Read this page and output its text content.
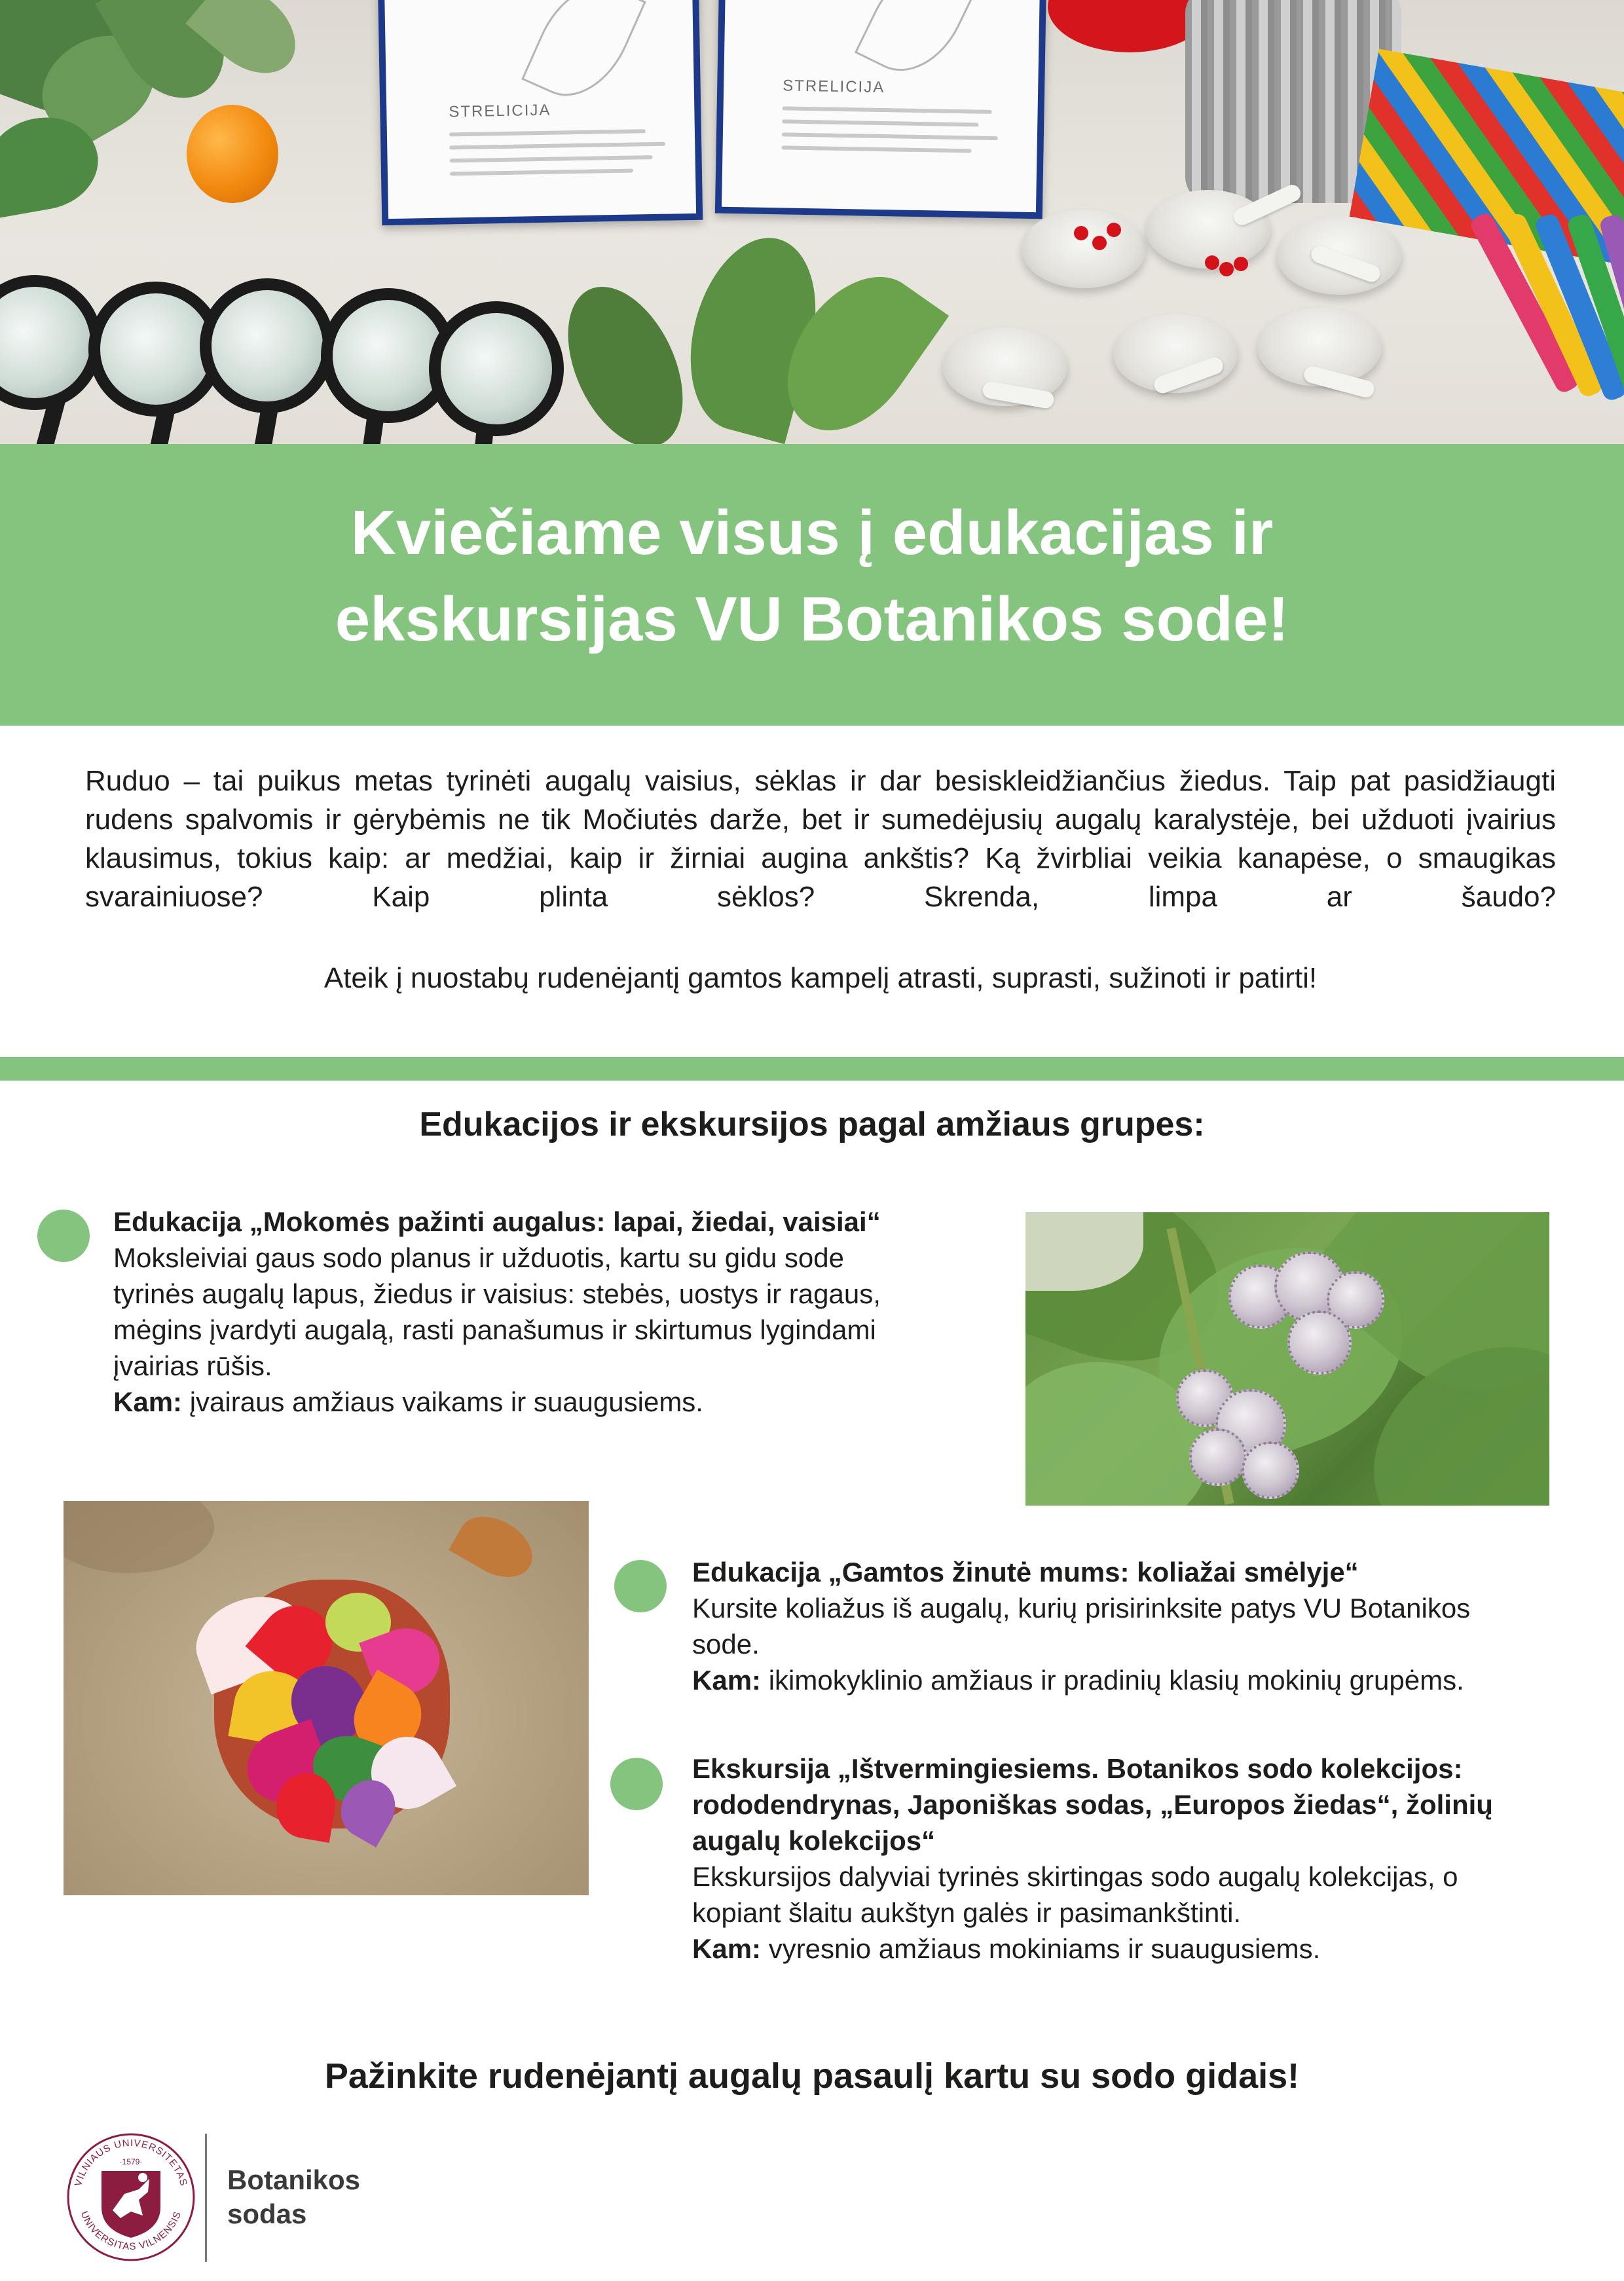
STRELICIJA
STRELICIJA
Kviečiame visus į edukacijas ir
ekskursijas VU Botanikos sode!
Ruduo – tai puikus metas tyrinėti augalų vaisius, sėklas ir dar besiskleidžiančius žiedus. Taip pat pasidžiaugti rudens spalvomis ir gėrybėmis ne tik Močiutės darže, bet ir sumedėjusių augalų karalystėje, bei užduoti įvairius klausimus, tokius kaip: ar medžiai, kaip ir žirniai augina ankštis? Ką žvirbliai veikia kanapėse, o smaugikas svarainiuose? Kaip plinta sėklos? Skrenda, limpa ar šaudo?
Ateik į nuostabų rudenėjantį gamtos kampelį atrasti, suprasti, sužinoti ir patirti!
Edukacijos ir ekskursijos pagal amžiaus grupes:
Edukacija „Mokomės pažinti augalus: lapai, žiedai, vaisiai“
Moksleiviai gaus sodo planus ir užduotis, kartu su gidu sode
tyrinės augalų lapus, žiedus ir vaisius: stebės, uostys ir ragaus,
mėgins įvardyti augalą, rasti panašumus ir skirtumus lygindami
įvairias rūšis.
Kam: įvairaus amžiaus vaikams ir suaugusiems.
Edukacija „Gamtos žinutė mums: koliažai smėlyje“
Kursite koliažus iš augalų, kurių prisirinksite patys VU Botanikos
sode.
Kam: ikimokyklinio amžiaus ir pradinių klasių mokinių grupėms.
Ekskursija „Ištvermingiesiems. Botanikos sodo kolekcijos:
rododendrynas, Japoniškas sodas, „Europos žiedas“, žolinių
augalų kolekcijos“
Ekskursijos dalyviai tyrinės skirtingas sodo augalų kolekcijas, o
kopiant šlaitu aukštyn galės ir pasimankštinti.
Kam: vyresnio amžiaus mokiniams ir suaugusiems.
Pažinkite rudenėjantį augalų pasaulį kartu su sodo gidais!
VILNIAUS UNIVERSITETAS
UNIVERSITAS VILNENSIS
·1579·
Botanikos
sodas
